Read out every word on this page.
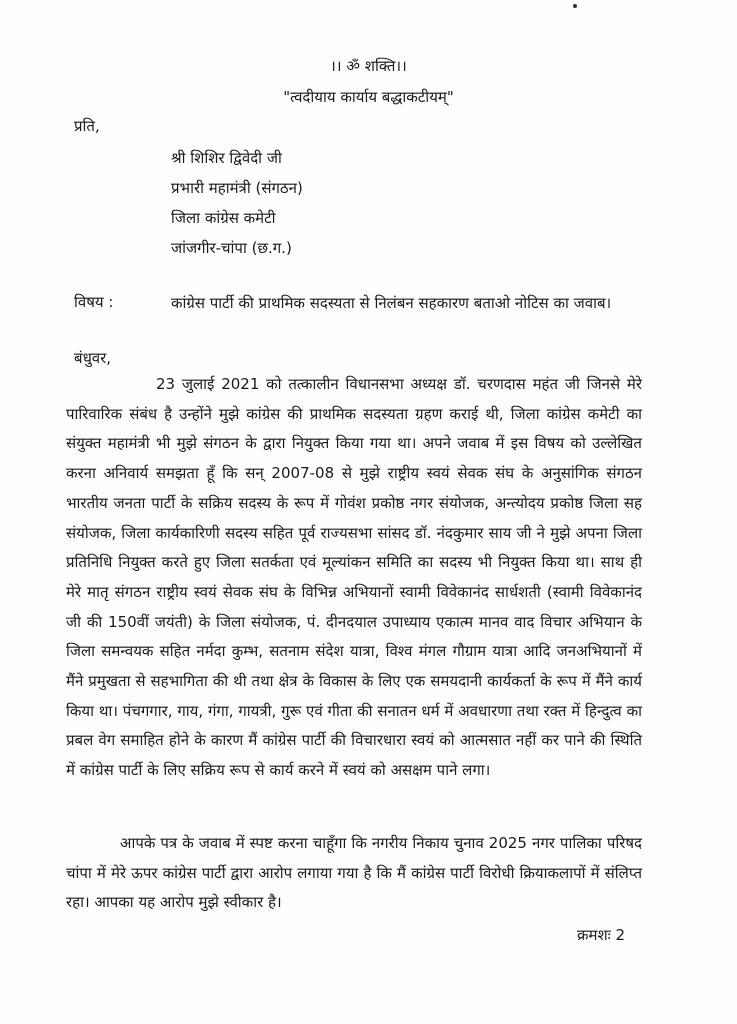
।। ॐ शक्ति।।
"त्वदीयाय कार्याय बद्धाकटीयम्"
प्रति,
श्री शिशिर द्विवेदी जी
प्रभारी महामंत्री (संगठन)
जिला कांग्रेस कमेटी
जांजगीर-चांपा (छ.ग.)
विषय :	कांग्रेस पार्टी की प्राथमिक सदस्यता से निलंबन सहकारण बताओ नोटिस का जवाब।
बंधुवर,
23 जुलाई 2021 को तत्कालीन विधानसभा अध्यक्ष डॉ. चरणदास महंत जी जिनसे मेरे पारिवारिक संबंध है उन्होंने मुझे कांग्रेस की प्राथमिक सदस्यता ग्रहण कराई थी, जिला कांग्रेस कमेटी का संयुक्त महामंत्री भी मुझे संगठन के द्वारा नियुक्त किया गया था। अपने जवाब में इस विषय को उल्लेखित करना अनिवार्य समझता हूँ कि सन् 2007-08 से मुझे राष्ट्रीय स्वयं सेवक संघ के अनुसांगिक संगठन भारतीय जनता पार्टी के सक्रिय सदस्य के रूप में गोवंश प्रकोष्ठ नगर संयोजक, अन्त्योदय प्रकोष्ठ जिला सह संयोजक, जिला कार्यकारिणी सदस्य सहित पूर्व राज्यसभा सांसद डॉ. नंदकुमार साय जी ने मुझे अपना जिला प्रतिनिधि नियुक्त करते हुए जिला सतर्कता एवं मूल्यांकन समिति का सदस्य भी नियुक्त किया था। साथ ही मेरे मातृ संगठन राष्ट्रीय स्वयं सेवक संघ के विभिन्न अभियानों स्वामी विवेकानंद सार्धशती (स्वामी विवेकानंद जी की 150वीं जयंती) के जिला संयोजक, पं. दीनदयाल उपाध्याय एकात्म मानव वाद विचार अभियान के जिला समन्वयक सहित नर्मदा कुम्भ, सतनाम संदेश यात्रा, विश्व मंगल गौग्राम यात्रा आदि जनअभियानों में मैंने प्रमुखता से सहभागिता की थी तथा क्षेत्र के विकास के लिए एक समयदानी कार्यकर्ता के रूप में मैंने कार्य किया था। पंचगगार, गाय, गंगा, गायत्री, गुरू एवं गीता की सनातन धर्म में अवधारणा तथा रक्त में हिन्दुत्व का प्रबल वेग समाहित होने के कारण मैं कांग्रेस पार्टी की विचारधारा स्वयं को आत्मसात नहीं कर पाने की स्थिति में कांग्रेस पार्टी के लिए सक्रिय रूप से कार्य करने में स्वयं को असक्षम पाने लगा।
आपके पत्र के जवाब में स्पष्ट करना चाहूँगा कि नगरीय निकाय चुनाव 2025 नगर पालिका परिषद चांपा में मेरे ऊपर कांग्रेस पार्टी द्वारा आरोप लगाया गया है कि मैं कांग्रेस पार्टी विरोधी क्रियाकलापों में संलिप्त रहा। आपका यह आरोप मुझे स्वीकार है।
क्रमशः 2
